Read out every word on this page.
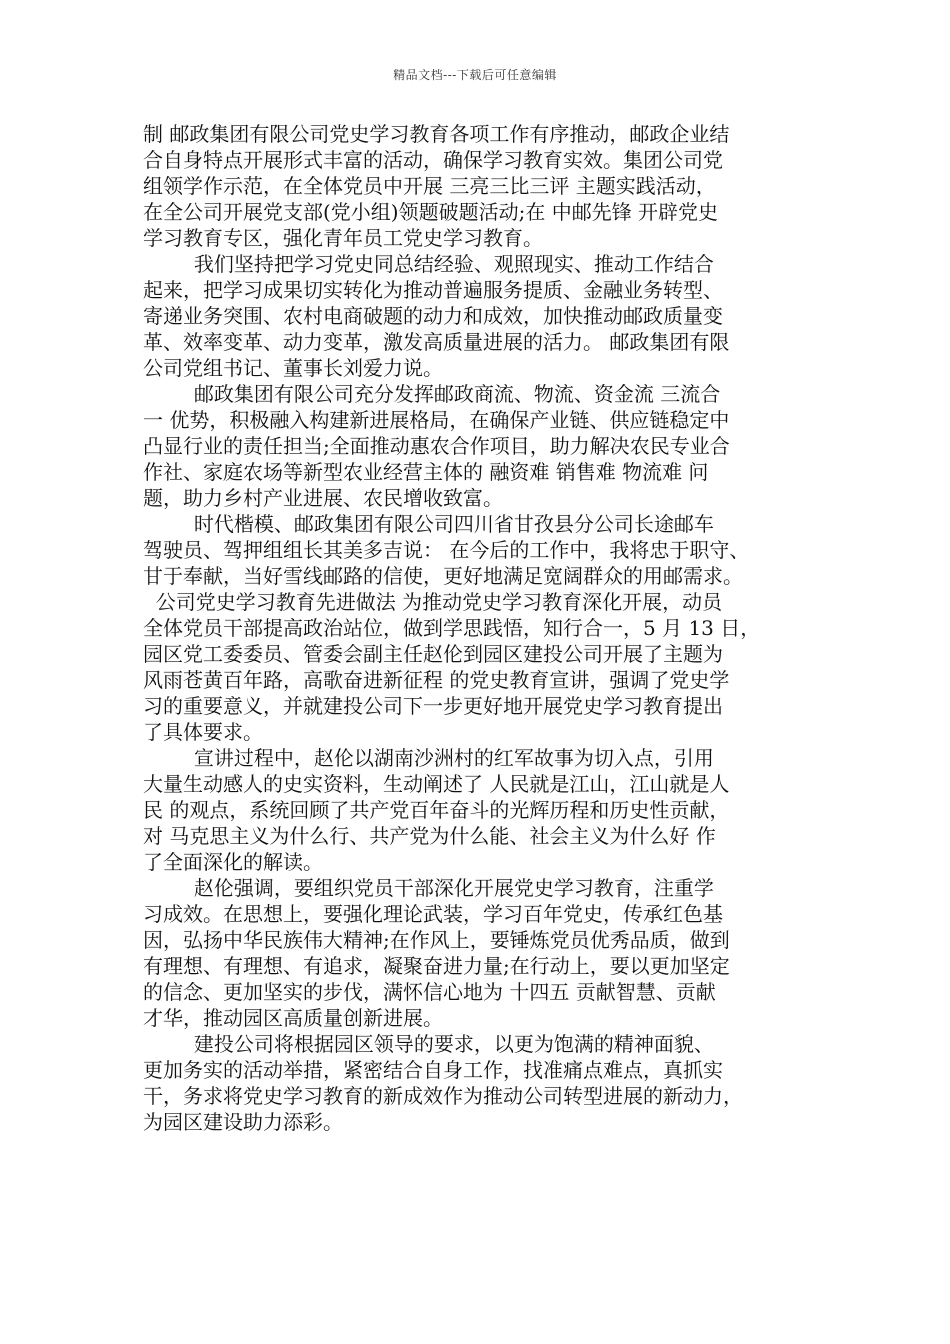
精品文档---下载后可任意编辑
制 邮政集团有限公司党史学习教育各项工作有序推动，邮政企业结
合自身特点开展形式丰富的活动，确保学习教育实效。集团公司党
组领学作示范，在全体党员中开展 三亮三比三评 主题实践活动，
在全公司开展党支部(党小组)领题破题活动;在 中邮先锋 开辟党史
学习教育专区，强化青年员工党史学习教育。
我们坚持把学习党史同总结经验、观照现实、推动工作结合
起来，把学习成果切实转化为推动普遍服务提质、金融业务转型、
寄递业务突围、农村电商破题的动力和成效，加快推动邮政质量变
革、效率变革、动力变革，激发高质量进展的活力。 邮政集团有限
公司党组书记、董事长刘爱力说。
邮政集团有限公司充分发挥邮政商流、物流、资金流 三流合
一 优势，积极融入构建新进展格局，在确保产业链、供应链稳定中
凸显行业的责任担当;全面推动惠农合作项目，助力解决农民专业合
作社、家庭农场等新型农业经营主体的 融资难 销售难 物流难 问
题，助力乡村产业进展、农民增收致富。
时代楷模、邮政集团有限公司四川省甘孜县分公司长途邮车
驾驶员、驾押组组长其美多吉说： 在今后的工作中，我将忠于职守、
甘于奉献，当好雪线邮路的信使，更好地满足宽阔群众的用邮需求。
公司党史学习教育先进做法 为推动党史学习教育深化开展，动员
全体党员干部提高政治站位，做到学思践悟，知行合一，5 月 13 日，
园区党工委委员、管委会副主任赵伦到园区建投公司开展了主题为
风雨苍黄百年路，高歌奋进新征程 的党史教育宣讲，强调了党史学
习的重要意义，并就建投公司下一步更好地开展党史学习教育提出
了具体要求。
宣讲过程中，赵伦以湖南沙洲村的红军故事为切入点，引用
大量生动感人的史实资料，生动阐述了 人民就是江山，江山就是人
民 的观点，系统回顾了共产党百年奋斗的光辉历程和历史性贡献，
对 马克思主义为什么行、共产党为什么能、社会主义为什么好 作
了全面深化的解读。
赵伦强调，要组织党员干部深化开展党史学习教育，注重学
习成效。在思想上，要强化理论武装，学习百年党史，传承红色基
因，弘扬中华民族伟大精神;在作风上，要锤炼党员优秀品质，做到
有理想、有理想、有追求，凝聚奋进力量;在行动上，要以更加坚定
的信念、更加坚实的步伐，满怀信心地为 十四五 贡献智慧、贡献
才华，推动园区高质量创新进展。
建投公司将根据园区领导的要求，以更为饱满的精神面貌、
更加务实的活动举措，紧密结合自身工作，找准痛点难点，真抓实
干，务求将党史学习教育的新成效作为推动公司转型进展的新动力，
为园区建设助力添彩。
